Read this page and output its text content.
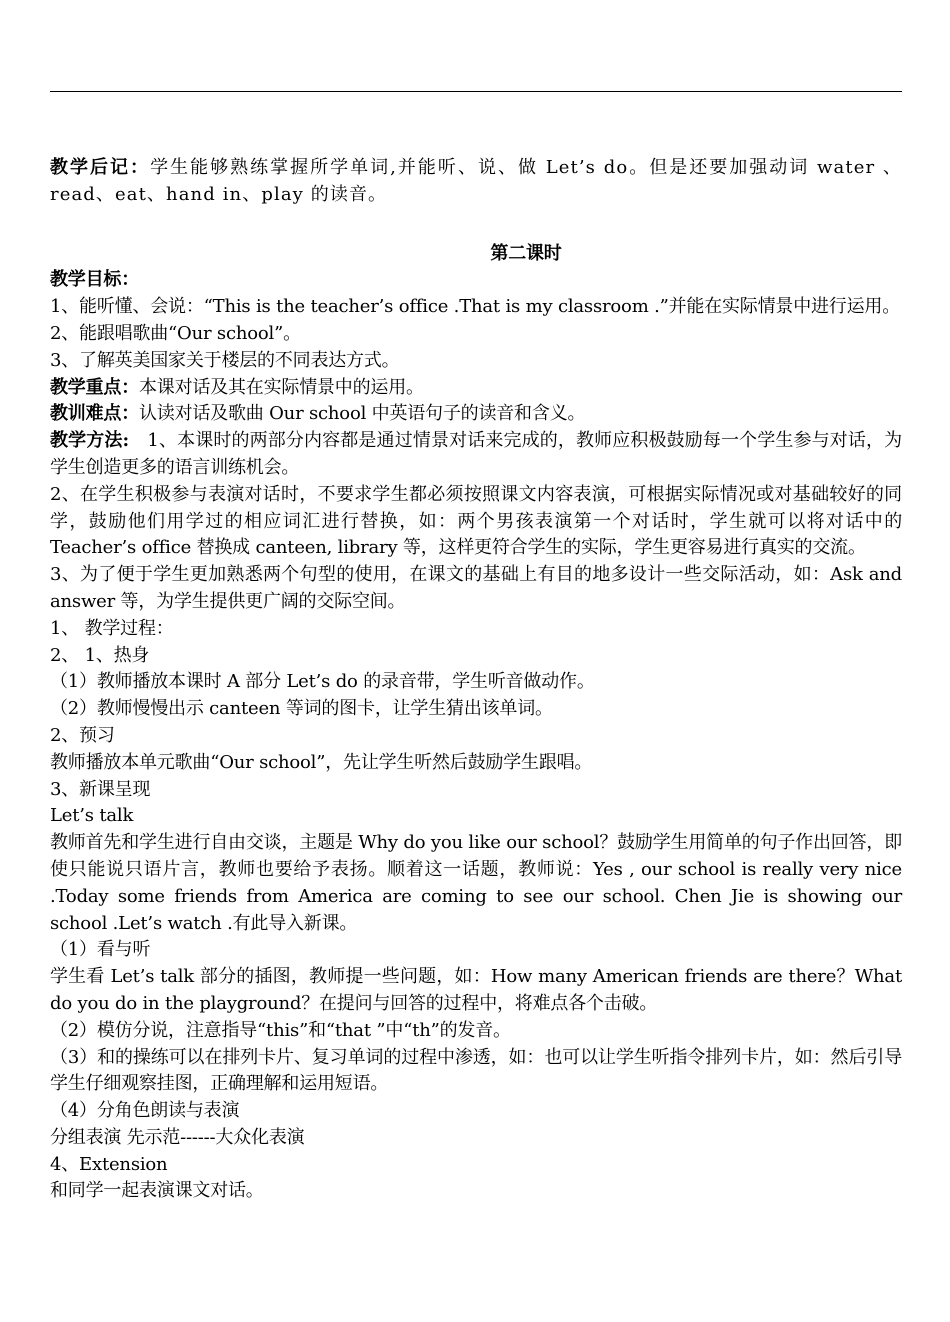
教学后记：学生能够熟练掌握所学单词,并能听、说、做 Let’s do。但是还要加强动词 water 、read、eat、hand in、play 的读音。

第二课时

教学目标：

1、能听懂、会说：“This is the teacher’s office .That is my classroom .”并能在实际情景中进行运用。

2、能跟唱歌曲“Our school”。

3、了解英美国家关于楼层的不同表达方式。

教学重点：本课对话及其在实际情景中的运用。

教训难点：认读对话及歌曲 Our school 中英语句子的读音和含义。

教学方法:　1、本课时的两部分内容都是通过情景对话来完成的，教师应积极鼓励每一个学生参与对话，为学生创造更多的语言训练机会。

2、在学生积极参与表演对话时，不要求学生都必须按照课文内容表演，可根据实际情况或对基础较好的同学，鼓励他们用学过的相应词汇进行替换，如：两个男孩表演第一个对话时，学生就可以将对话中的 Teacher’s office 替换成 canteen, library 等，这样更符合学生的实际，学生更容易进行真实的交流。

3、为了便于学生更加熟悉两个句型的使用，在课文的基础上有目的地多设计一些交际活动，如：Ask and answer 等，为学生提供更广阔的交际空间。

1、 教学过程：

2、 1、热身

（1）教师播放本课时 A 部分 Let’s do 的录音带，学生听音做动作。

（2）教师慢慢出示 canteen 等词的图卡，让学生猜出该单词。

2、预习

教师播放本单元歌曲“Our school”，先让学生听然后鼓励学生跟唱。

3、新课呈现

Let’s talk

教师首先和学生进行自由交谈，主题是 Why do you like our school？鼓励学生用简单的句子作出回答，即使只能说只语片言，教师也要给予表扬。顺着这一话题，教师说：Yes , our school is really very nice .Today some friends from America are coming to see our school. Chen Jie is showing our school .Let’s watch .有此导入新课。

（1）看与听

学生看 Let’s talk 部分的插图，教师提一些问题，如：How many American friends are there？What do you do in the playground？在提问与回答的过程中，将难点各个击破。

（2）模仿分说，注意指导“this”和“that ”中“th”的发音。

（3）和的操练可以在排列卡片、复习单词的过程中渗透，如：也可以让学生听指令排列卡片，如：然后引导学生仔细观察挂图，正确理解和运用短语。

（4）分角色朗读与表演

分组表演 先示范------大众化表演

4、Extension

和同学一起表演课文对话。
